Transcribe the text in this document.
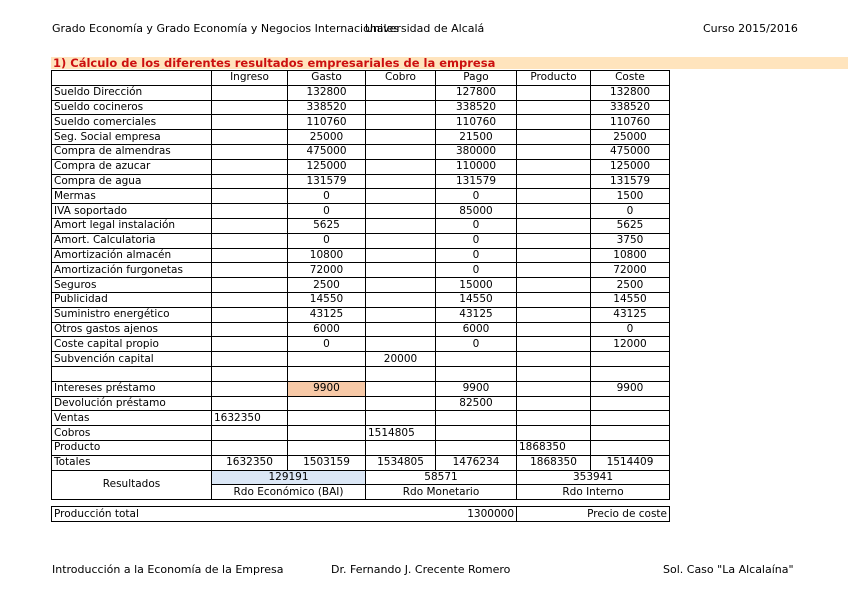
Grado Economía y Grado Economía y Negocios Internacionales
Universidad de Alcalá	Curso 2015/2016
1) Cálculo de los diferentes resultados empresariales de la empresa
	Ingreso	Gasto	Cobro	Pago	Producto	Coste
Sueldo Dirección		132800		127800		132800
Sueldo cocineros		338520		338520		338520
Sueldo comerciales		110760		110760		110760
Seg. Social empresa		25000		21500		25000
Compra de almendras		475000		380000		475000
Compra de azucar		125000		110000		125000
Compra de agua		131579		131579		131579
Mermas		0		0		1500
IVA soportado		0		85000		0
Amort legal instalación		5625		0		5625
Amort. Calculatoria		0		0		3750
Amortización almacén		10800		0		10800
Amortización furgonetas		72000		0		72000
Seguros		2500		15000		2500
Publicidad		14550		14550		14550
Suministro energético		43125		43125		43125
Otros gastos ajenos		6000		6000		0
Coste capital propio		0		0		12000
Subvención capital			20000			

Intereses préstamo		9900		9900		9900
Devolución préstamo				82500		
Ventas	1632350					
Cobros			1514805			
Producto					1868350	
Totales	1632350	1503159	1534805	1476234	1868350	1514409
Resultados	129191		58571		353941	
	Rdo Económico (BAI)		Rdo Monetario		Rdo Interno	

Producción total	1300000				Precio de coste	
Introducción a la Economía de la Empresa	Dr. Fernando J. Crecente Romero	Sol. Caso "La Alcalaína"
